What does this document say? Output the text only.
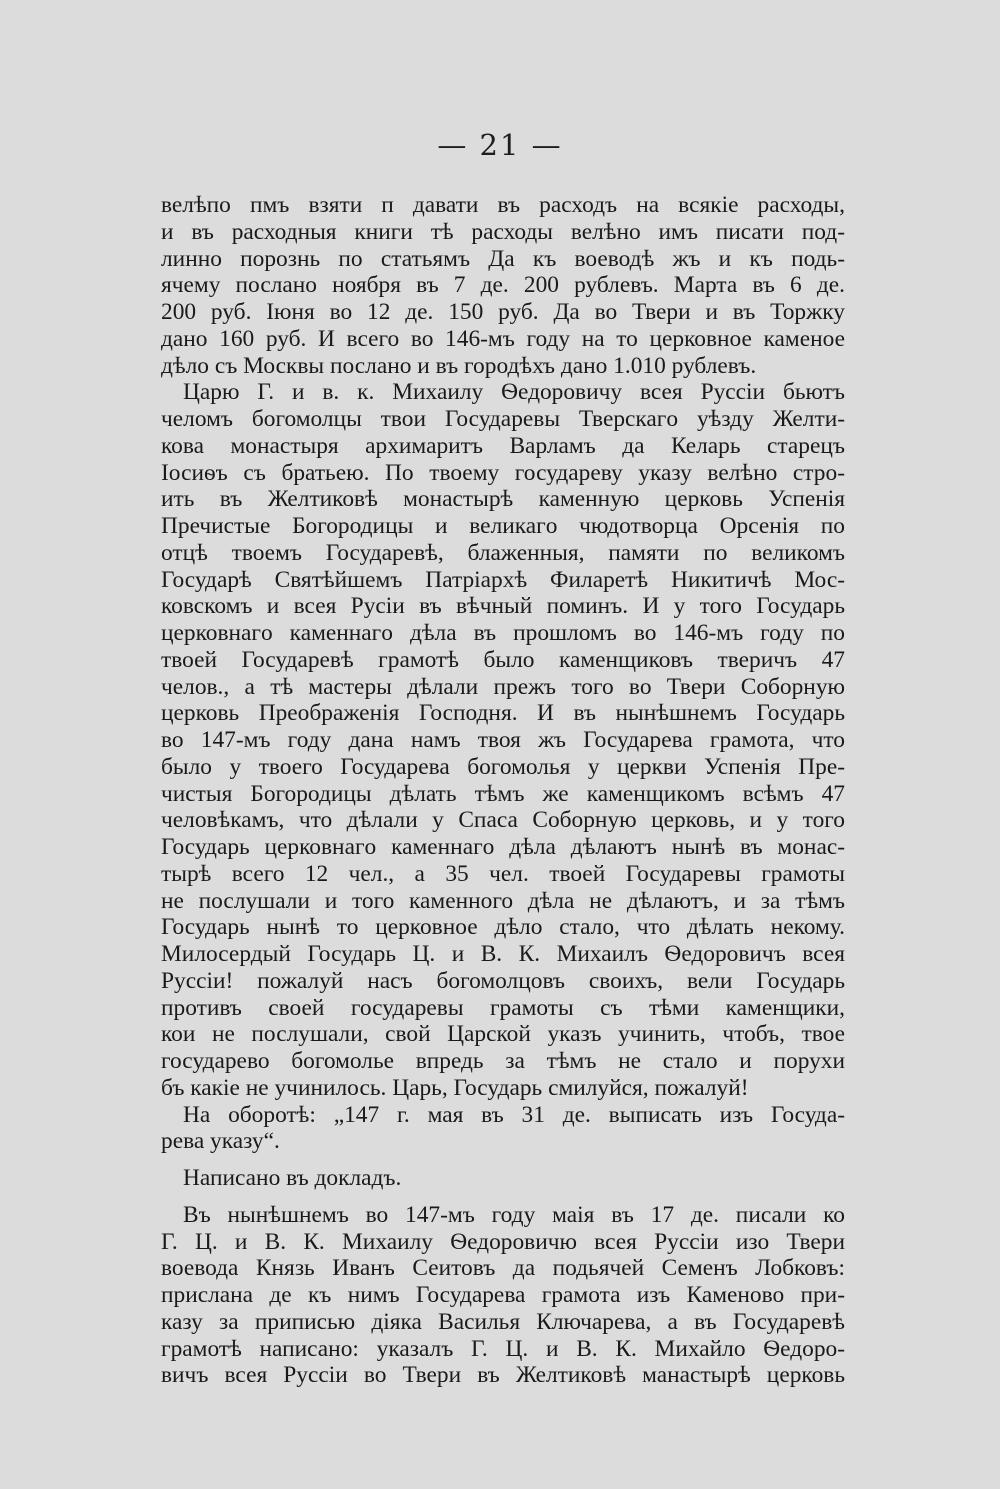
— 21 —
велѣпо пмъ взяти п давати въ расходъ на всякіе расходы,
и въ расходныя книги тѣ расходы велѣно имъ писати под-
линно порознь по статьямъ Да къ воеводѣ жъ и къ подь-
ячему послано ноября въ 7 де. 200 рублевъ. Марта въ 6 де.
200 руб. Іюня во 12 де. 150 руб. Да во Твери и въ Торжку
дано 160 руб. И всего во 146-мъ году на то церковное каменое
дѣло съ Москвы послано и въ городѣхъ дано 1.010 рублевъ.
Царю Г. и в. к. Михаилу Ѳедоровичу всея Руссіи бьютъ
челомъ богомолцы твои Государевы Тверскагo уѣзду Желти-
кова монастыря архимаритъ Варламъ да Келарь старецъ
Іосиѳъ съ братьею. По твоему государеву указу велѣно стро-
ить въ Желтиковѣ монастырѣ каменную церковь Успенія
Пречистые Богородицы и великагo чюдотворца Орсенія по
отцѣ твоемъ Государевѣ, блаженныя, памяти по великомъ
Государѣ Святѣйшемъ Патріархѣ Филаретѣ Никитичѣ Мос-
ковскомъ и всея Русіи въ вѣчный поминъ. И у того Государь
церковнагo каменнагo дѣла въ прошломъ во 146-мъ году по
твоей Государевѣ грамотѣ было каменщиковъ тверичъ 47
челов., а тѣ мастеры дѣлали прежъ того во Твери Соборную
церковь Преображенія Господня. И въ нынѣшнемъ Государь
во 147-мъ году дана намъ твоя жъ Государева грамота, что
было у твоего Государева богомолья у церкви Успенія Пре-
чистыя Богородицы дѣлать тѣмъ же каменщикомъ всѣмъ 47
человѣкамъ, что дѣлали у Спаса Соборную церковь, и у того
Государь церковнагo каменнагo дѣла дѣлаютъ нынѣ въ монас-
тырѣ всего 12 чел., а 35 чел. твоей Государевы грамоты
не послушали и того каменнoго дѣла не дѣлаютъ, и за тѣмъ
Государь нынѣ то церковное дѣло стало, что дѣлать некому.
Милосердый Государь Ц. и В. К. Михаилъ Ѳедоровичъ всея
Руссіи! пожалуй насъ богомолцовъ своихъ, вели Государь
противъ своей государевы грамоты съ тѣми каменщики,
кои не послушали, свой Царской указъ учинить, чтобъ, твое
государево богомолье впредь за тѣмъ не стало и порухи
бъ какіе не учинилось. Царь, Государь смилуйся, пожалуй!
На оборотѣ: „147 г. мая въ 31 де. выписать изъ Госуда-
рева указу“.
Написано въ докладъ.
Въ нынѣшнемъ во 147-мъ году маія въ 17 де. писали ко
Г. Ц. и В. К. Михаилу Ѳедоровичю всея Руссіи изо Твери
воевода Князь Иванъ Сеитовъ да подьячей Семенъ Лобковъ:
прислана де къ нимъ Государева грамота изъ Каменово при-
казу за приписью діяка Василья Ключарева, а въ Государевѣ
грамотѣ написано: указалъ Г. Ц. и В. К. Михайло Ѳедоро-
вичъ всея Руссіи во Твери въ Желтиковѣ манастырѣ церковь
